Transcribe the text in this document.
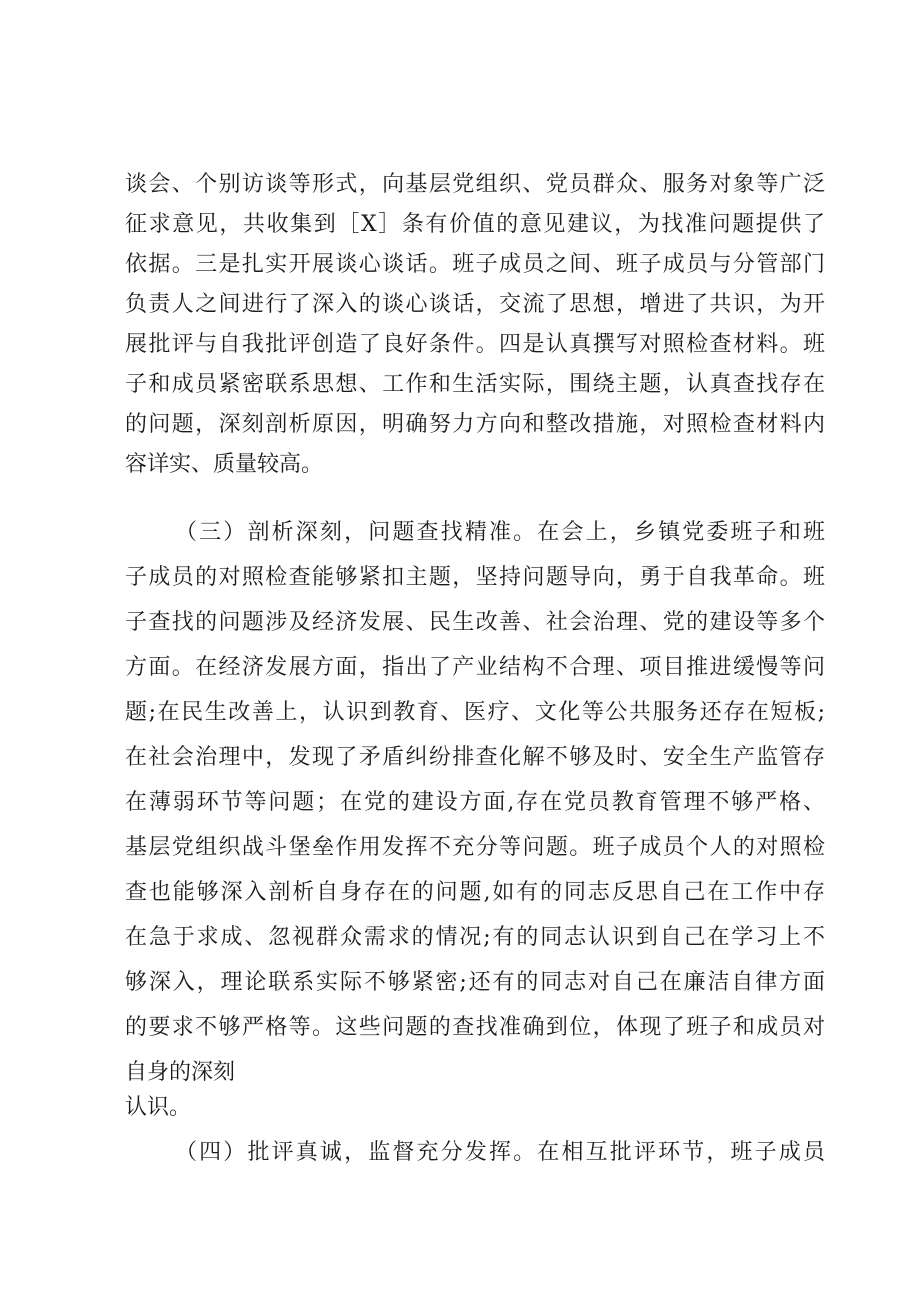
谈会、个别访谈等形式，向基层党组织、党员群众、服务对象等广泛
征求意见，共收集到［X］条有价值的意见建议，为找准问题提供了
依据。三是扎实开展谈心谈话。班子成员之间、班子成员与分管部门
负责人之间进行了深入的谈心谈话，交流了思想，增进了共识，为开
展批评与自我批评创造了良好条件。四是认真撰写对照检查材料。班
子和成员紧密联系思想、工作和生活实际，围绕主题，认真查找存在
的问题，深刻剖析原因，明确努力方向和整改措施，对照检查材料内
容详实、质量较高。
（三）剖析深刻，问题查找精准。在会上，乡镇党委班子和班
子成员的对照检查能够紧扣主题，坚持问题导向，勇于自我革命。班
子查找的问题涉及经济发展、民生改善、社会治理、党的建设等多个
方面。在经济发展方面，指出了产业结构不合理、项目推进缓慢等问
题;在民生改善上，认识到教育、医疗、文化等公共服务还存在短板;
在社会治理中，发现了矛盾纠纷排查化解不够及时、安全生产监管存
在薄弱环节等问题；在党的建设方面,存在党员教育管理不够严格、
基层党组织战斗堡垒作用发挥不充分等问题。班子成员个人的对照检
查也能够深入剖析自身存在的问题,如有的同志反思自己在工作中存
在急于求成、忽视群众需求的情况;有的同志认识到自己在学习上不
够深入，理论联系实际不够紧密;还有的同志对自己在廉洁自律方面
的要求不够严格等。这些问题的查找准确到位，体现了班子和成员对
自身的深刻
认识。
（四）批评真诚，监督充分发挥。在相互批评环节，班子成员
